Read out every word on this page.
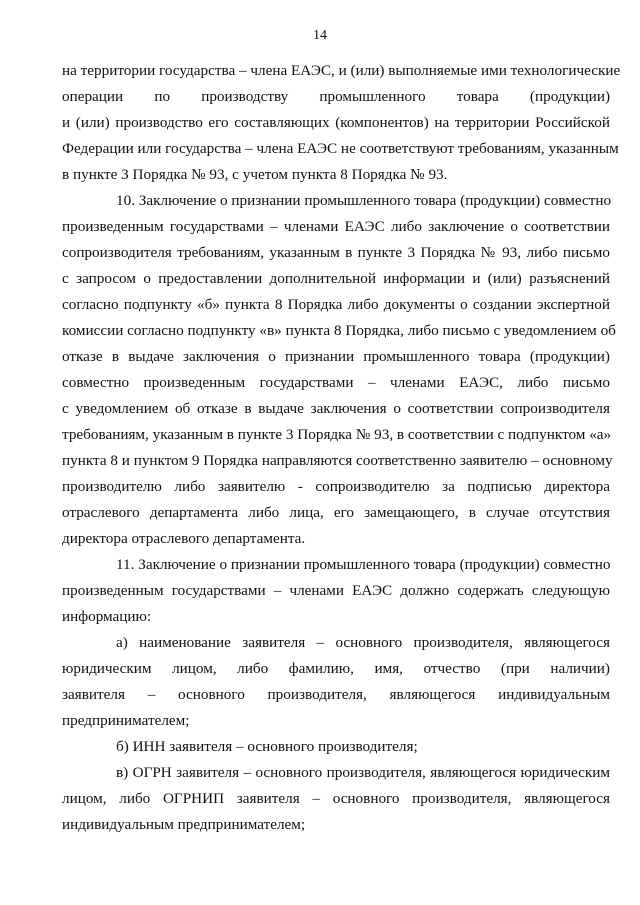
14
на территории государства – члена ЕАЭС, и (или) выполняемые ими технологические
операции по производству промышленного товара (продукции)
и (или) производство его составляющих (компонентов) на территории Российской
Федерации или государства – члена ЕАЭС не соответствуют требованиям, указанным
в пункте 3 Порядка № 93, с учетом пункта 8 Порядка № 93.
10. Заключение о признании промышленного товара (продукции) совместно
произведенным государствами – членами ЕАЭС либо заключение о соответствии
сопроизводителя требованиям, указанным в пункте 3 Порядка № 93, либо письмо
с запросом о предоставлении дополнительной информации и (или) разъяснений
согласно подпункту «б» пункта 8 Порядка либо документы о создании экспертной
комиссии согласно подпункту «в» пункта 8 Порядка, либо письмо с уведомлением об
отказе в выдаче заключения о признании промышленного товара (продукции)
совместно произведенным государствами – членами ЕАЭС, либо письмо
с уведомлением об отказе в выдаче заключения о соответствии сопроизводителя
требованиям, указанным в пункте 3 Порядка № 93, в соответствии с подпунктом «а»
пункта 8 и пунктом 9 Порядка направляются соответственно заявителю – основному
производителю либо заявителю - сопроизводителю за подписью директора
отраслевого департамента либо лица, его замещающего, в случае отсутствия
директора отраслевого департамента.
11. Заключение о признании промышленного товара (продукции) совместно
произведенным государствами – членами ЕАЭС должно содержать следующую
информацию:
а) наименование заявителя – основного производителя, являющегося
юридическим лицом, либо фамилию, имя, отчество (при наличии)
заявителя – основного производителя, являющегося индивидуальным
предпринимателем;
б) ИНН заявителя – основного производителя;
в) ОГРН заявителя – основного производителя, являющегося юридическим
лицом, либо ОГРНИП заявителя – основного производителя, являющегося
индивидуальным предпринимателем;
